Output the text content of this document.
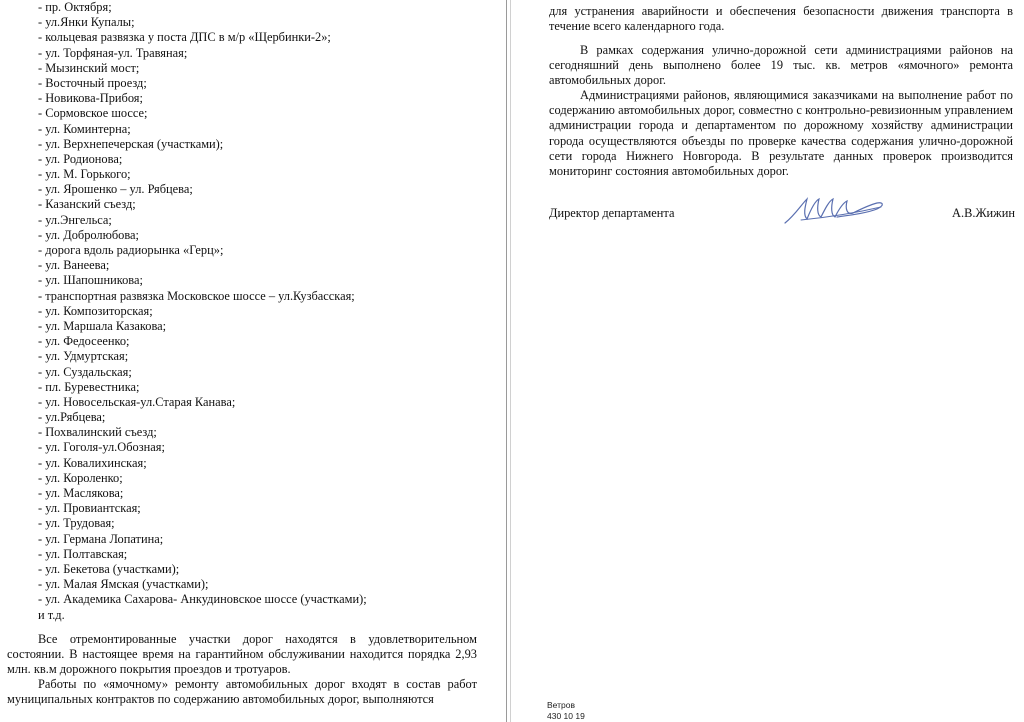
- пр. Октября;
- ул.Янки Купалы;
- кольцевая развязка у поста ДПС в м/р «Щербинки-2»;
- ул. Торфяная-ул. Травяная;
- Мызинский мост;
- Восточный проезд;
- Новикова-Прибоя;
- Сормовское шоссе;
- ул. Коминтерна;
- ул. Верхнепечерская (участками);
- ул. Родионова;
- ул. М. Горького;
- ул. Ярошенко – ул. Рябцева;
- Казанский съезд;
- ул.Энгельса;
- ул. Добролюбова;
- дорога вдоль радиорынка «Герц»;
- ул. Ванеева;
- ул. Шапошникова;
- транспортная развязка Московское шоссе – ул.Кузбасская;
- ул. Композиторская;
- ул. Маршала Казакова;
- ул. Федосеенко;
- ул. Удмуртская;
- ул. Суздальская;
- пл. Буревестника;
- ул. Новосельская-ул.Старая Канава;
- ул.Рябцева;
- Похвалинский съезд;
- ул. Гоголя-ул.Обозная;
- ул. Ковалихинская;
- ул. Короленко;
- ул. Маслякова;
- ул. Провиантская;
- ул. Трудовая;
- ул. Германа Лопатина;
- ул. Полтавская;
- ул. Бекетова (участками);
- ул. Малая Ямская (участками);
- ул. Академика Сахарова- Анкудиновское шоссе (участками);
и т.д.

Все отремонтированные участки дорог находятся в удовлетворительном состоянии. В настоящее время на гарантийном обслуживании находится порядка 2,93 млн. кв.м дорожного покрытия проездов и тротуаров.

Работы по «ямочному» ремонту автомобильных дорог входят в состав работ муниципальных контрактов по содержанию автомобильных дорог, выполняются

для устранения аварийности и обеспечения безопасности движения транспорта в течение всего календарного года.

В рамках содержания улично-дорожной сети администрациями районов на сегодняшний день выполнено более 19 тыс. кв. метров «ямочного» ремонта автомобильных дорог.

Администрациями районов, являющимися заказчиками на выполнение работ по содержанию автомобильных дорог, совместно с контрольно-ревизионным управлением администрации города и департаментом по дорожному хозяйству администрации города осуществляются объезды по проверке качества содержания улично-дорожной сети города Нижнего Новгорода. В результате данных проверок производится мониторинг состояния автомобильных дорог.

Директор департамента	А.В.Жижин
Ветров
430 10 19
